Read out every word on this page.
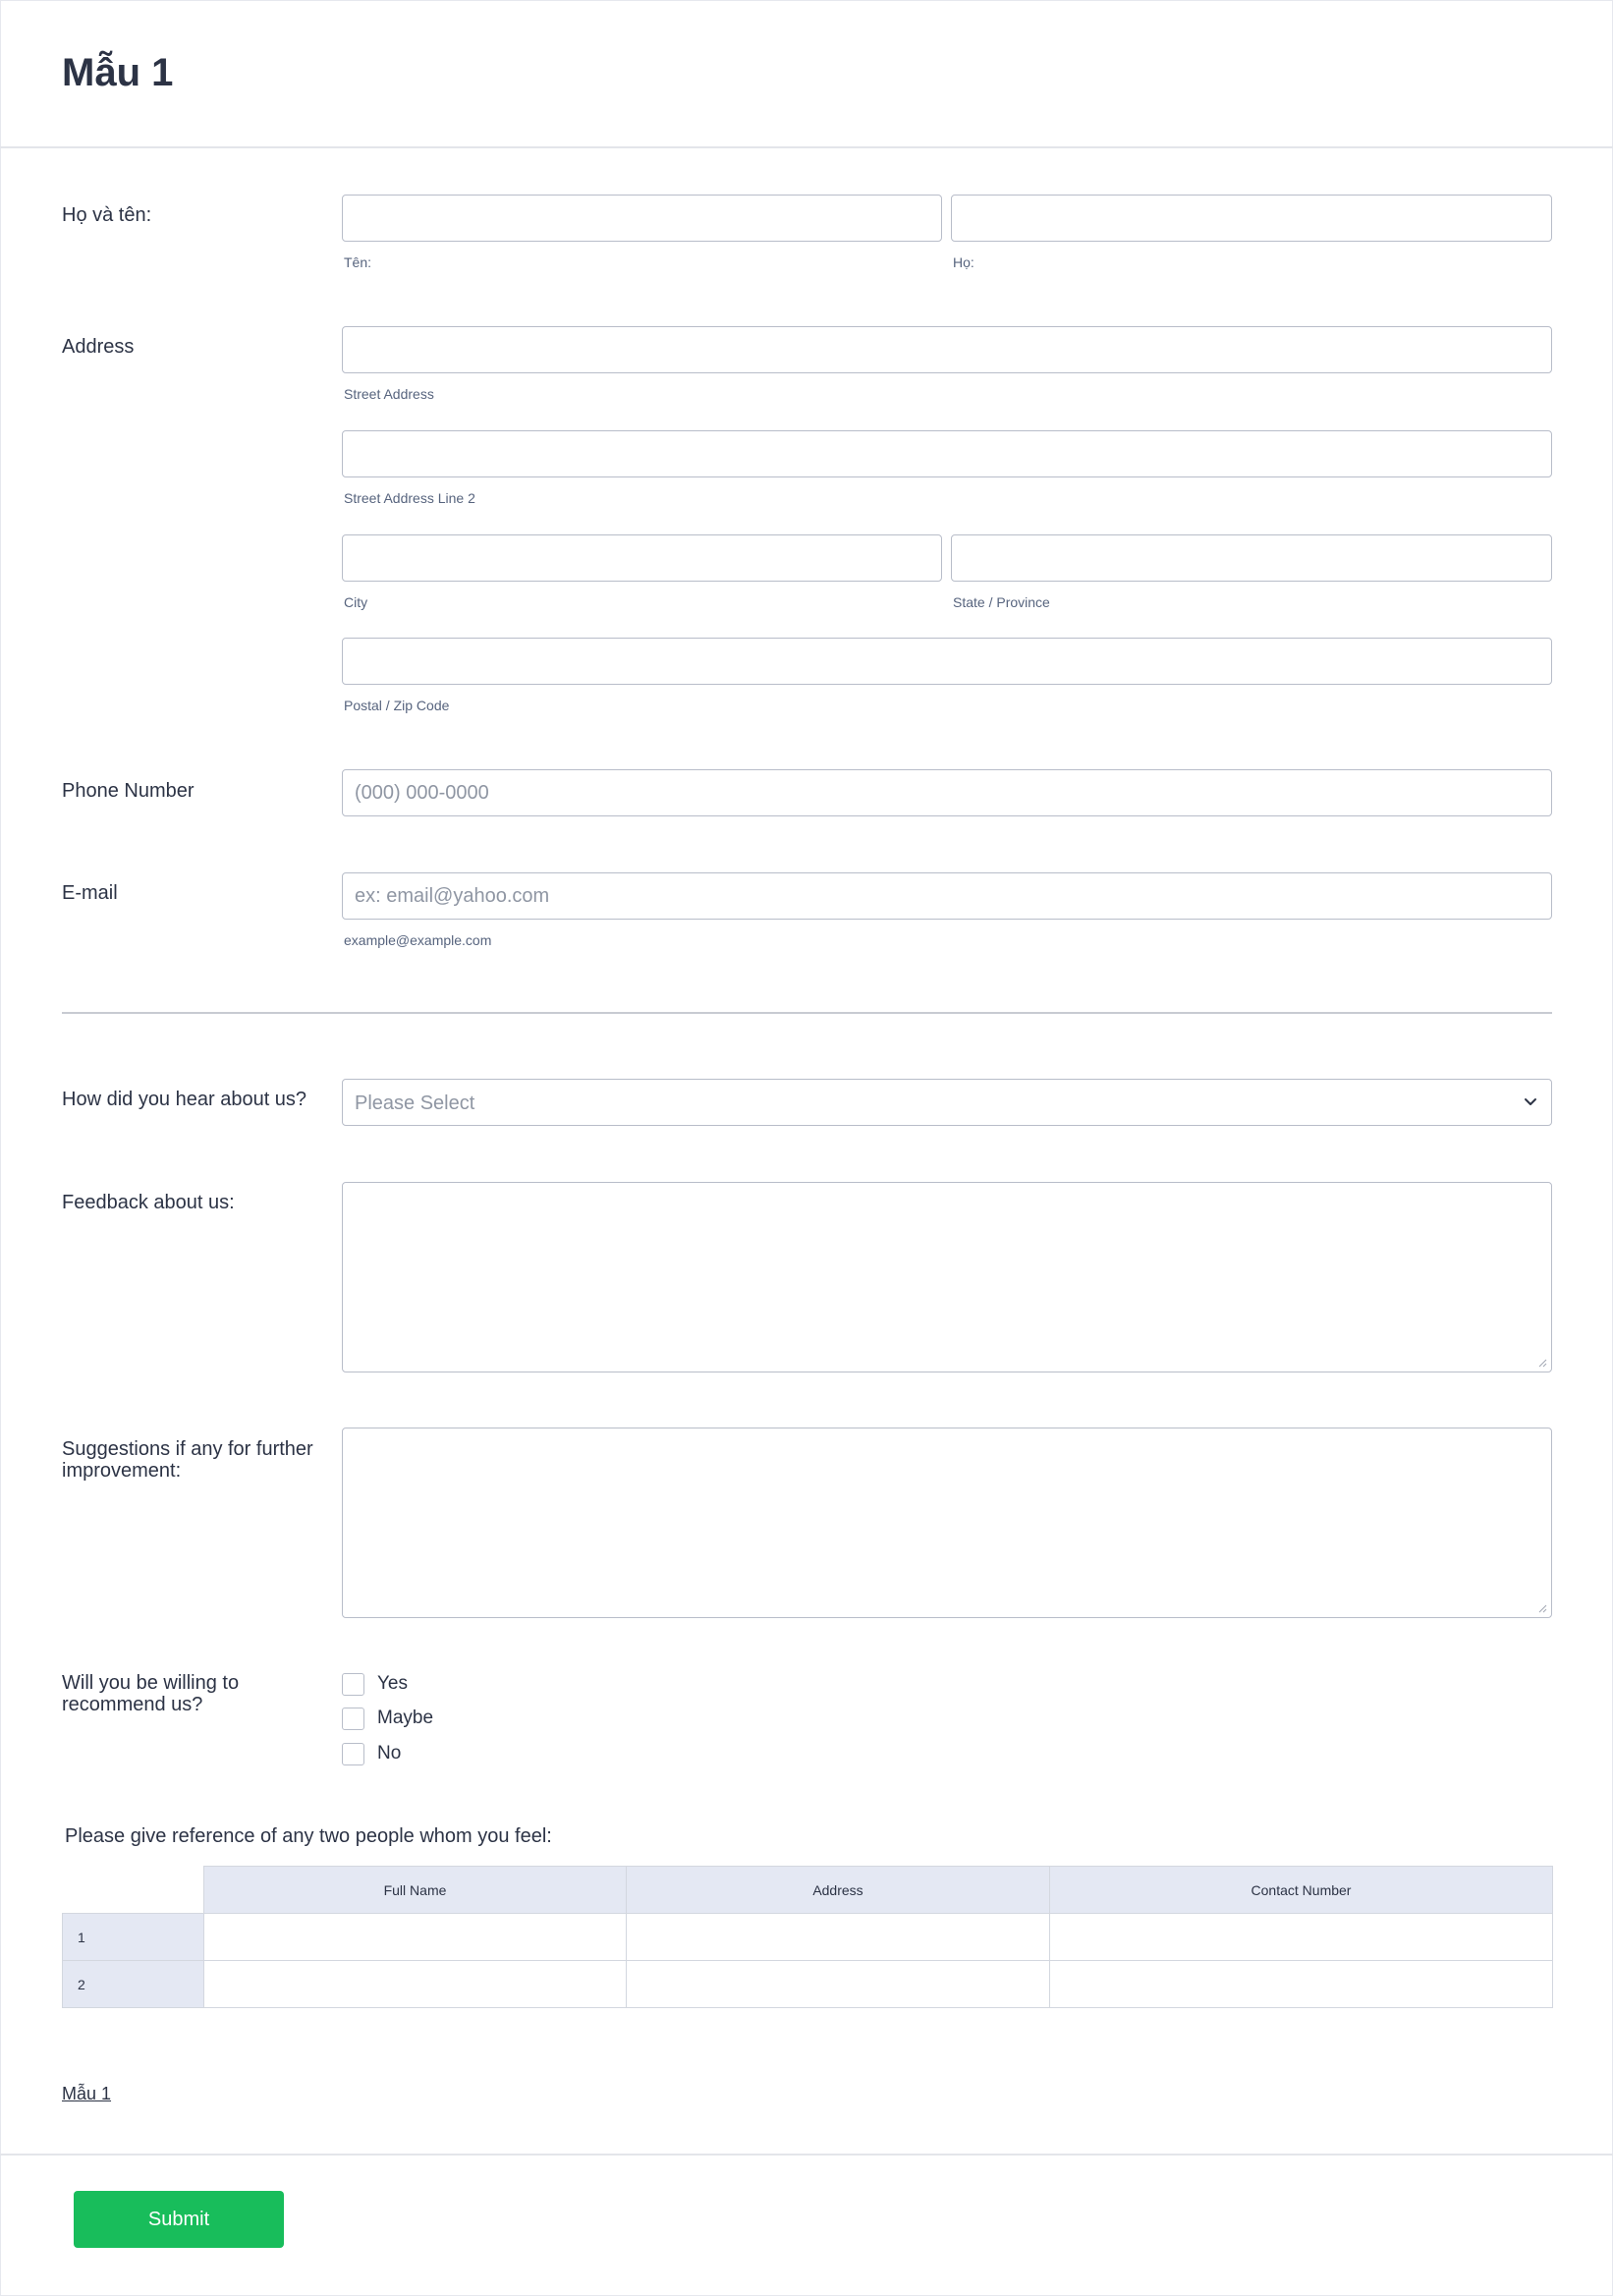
Mẫu 1
Họ và tên:
Tên:	Họ:
Address
Street Address
Street Address Line 2
City	State / Province
Postal / Zip Code
Phone Number
(000) 000-0000
E-mail
ex: email@yahoo.com
example@example.com
How did you hear about us?	Please Select
Feedback about us:
Suggestions if any for further improvement:
Will you be willing to recommend us?
Yes
Maybe
No
Please give reference of any two people whom you feel:
	Full Name	Address	Contact Number
1			
2			
Mẫu 1
Submit
